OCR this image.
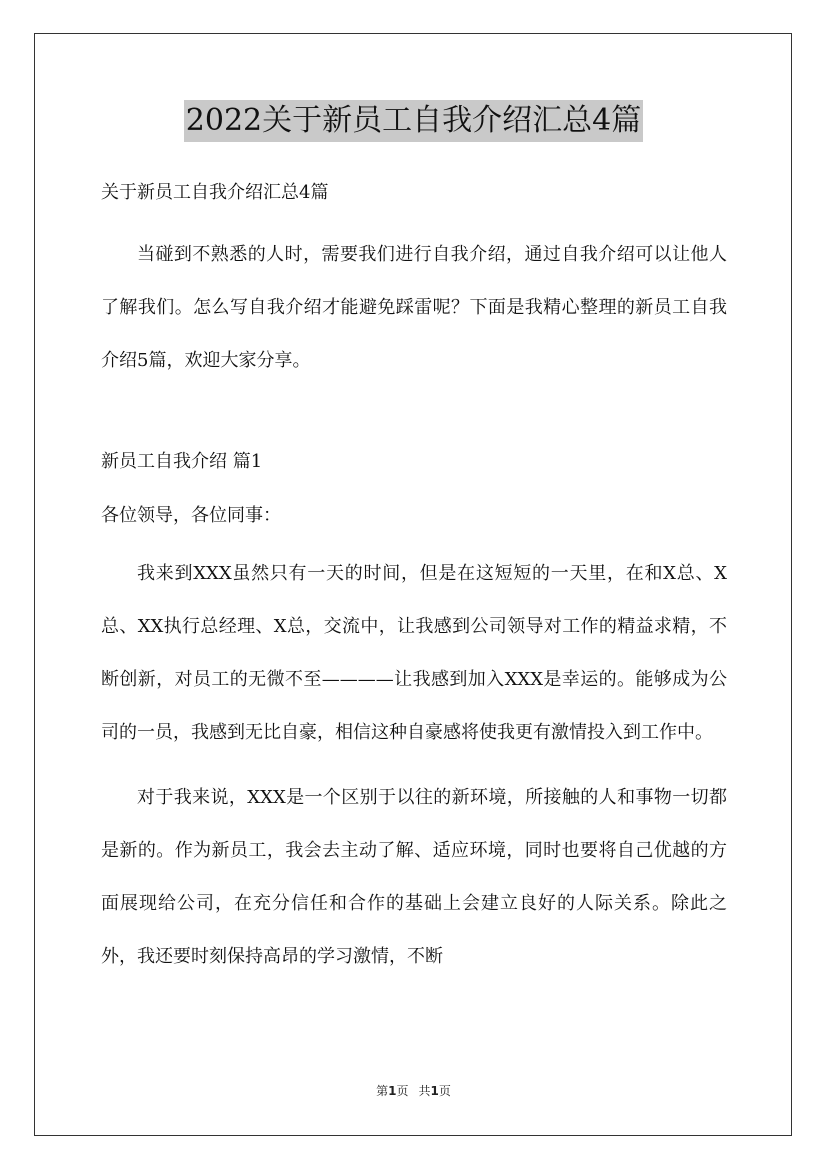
2022关于新员工自我介绍汇总4篇
关于新员工自我介绍汇总4篇

当碰到不熟悉的人时，需要我们进行自我介绍，通过自我介绍可以让他人了解我们。怎么写自我介绍才能避免踩雷呢？下面是我精心整理的新员工自我介绍5篇，欢迎大家分享。

新员工自我介绍 篇1
各位领导，各位同事：

我来到XXX虽然只有一天的时间，但是在这短短的一天里，在和X总、X总、XX执行总经理、X总，交流中，让我感到公司领导对工作的精益求精，不断创新，对员工的无微不至————让我感到加入XXX是幸运的。能够成为公司的一员，我感到无比自豪，相信这种自豪感将使我更有激情投入到工作中。

对于我来说，XXX是一个区别于以往的新环境，所接触的人和事物一切都是新的。作为新员工，我会去主动了解、适应环境，同时也要将自己优越的方面展现给公司，在充分信任和合作的基础上会建立良好的人际关系。除此之外，我还要时刻保持高昂的学习激情，不断

第1页 共1页
